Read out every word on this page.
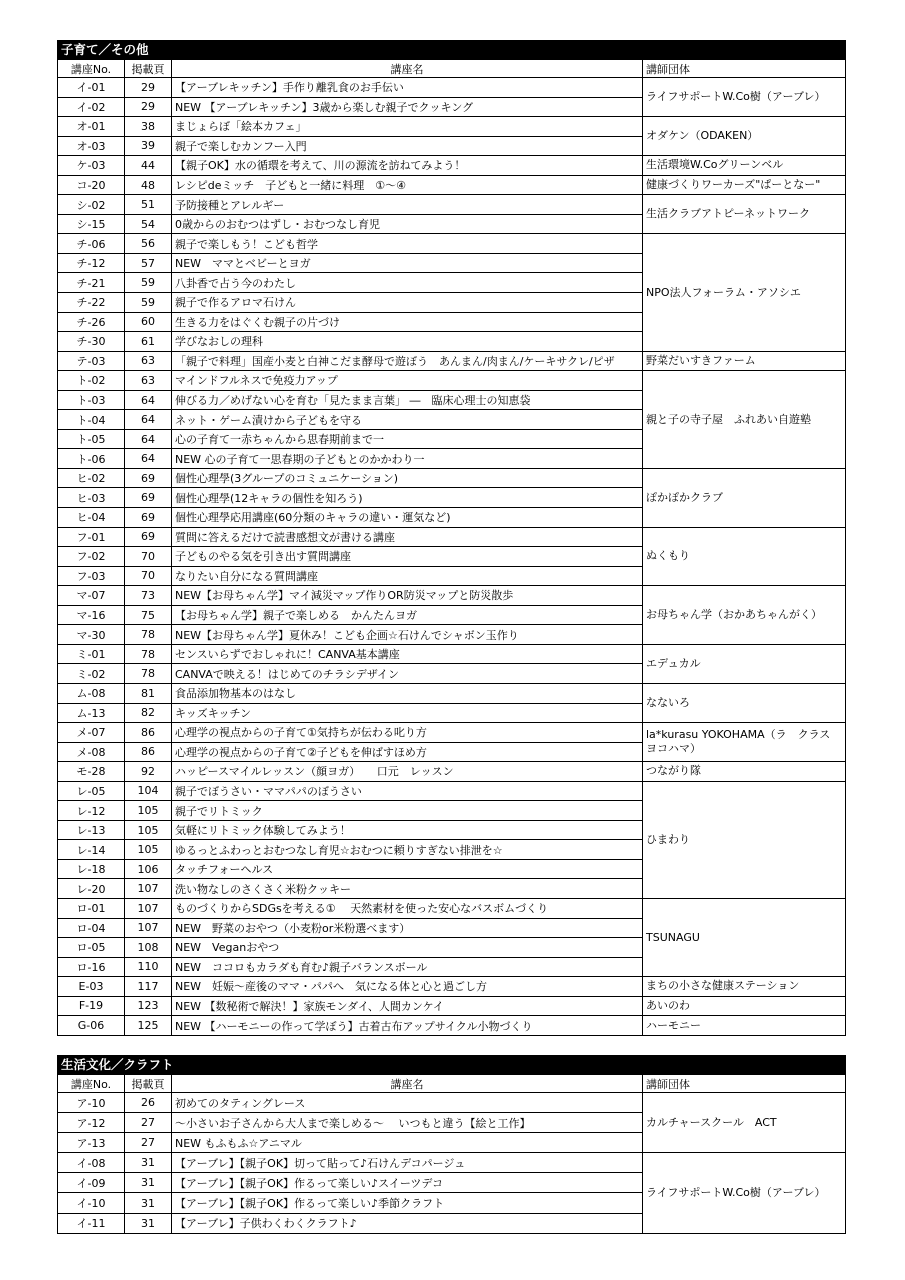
子育て／その他
講座No.	掲載頁	講座名	講師団体
イ-01	29	【アーブレキッチン】手作り離乳食のお手伝い	ライフサポートW.Co樹（アーブレ）
イ-02	29	NEW 【アーブレキッチン】3歳から楽しむ親子でクッキング	
オ-01	38	まじょらぼ「絵本カフェ」	オダケン（ODAKEN）
オ-03	39	親子で楽しむカンフー入門	
ケ-03	44	【親子OK】水の循環を考えて、川の源流を訪ねてみよう！	生活環境W.Coグリーンベル
コ-20	48	レシピdeミッチ　子どもと一緒に料理　①～④	健康づくりワーカーズ"ぱーとなー"
シ-02	51	予防接種とアレルギー	生活クラブアトピーネットワーク
シ-15	54	0歳からのおむつはずし・おむつなし育児	
チ-06	56	親子で楽しもう！こども哲学	NPO法人フォーラム・アソシエ
チ-12	57	NEW　ママとベビーとヨガ	
チ-21	59	八卦香で占う今のわたし	
チ-22	59	親子で作るアロマ石けん	
チ-26	60	生きる力をはぐくむ親子の片づけ	
チ-30	61	学びなおしの理科	
テ-03	63	「親子で料理」国産小麦と白神こだま酵母で遊ぼう　あんまん/肉まん/ケーキサクレ/ピザ	野菜だいすきファーム
ト-02	63	マインドフルネスで免疫力アップ	親と子の寺子屋　ふれあい自遊塾
ト-03	64	伸びる力／めげない心を育む「見たまま言葉」 ―　臨床心理士の知恵袋	
ト-04	64	ネット・ゲーム漬けから子どもを守る	
ト-05	64	心の子育て一赤ちゃんから思春期前まで一	
ト-06	64	NEW 心の子育て一思春期の子どもとのかかわり一	
ヒ-02	69	個性心理學(3グループのコミュニケーション)	ぽかぽかクラブ
ヒ-03	69	個性心理學(12キャラの個性を知ろう)	
ヒ-04	69	個性心理學応用講座(60分類のキャラの違い・運気など)	
フ-01	69	質問に答えるだけで読書感想文が書ける講座	ぬくもり
フ-02	70	子どものやる気を引き出す質問講座	
フ-03	70	なりたい自分になる質問講座	
マ-07	73	NEW【お母ちゃん学】マイ減災マップ作りOR防災マップと防災散歩	お母ちゃん学（おかあちゃんがく）
マ-16	75	【お母ちゃん学】親子で楽しめる　かんたんヨガ	
マ-30	78	NEW【お母ちゃん学】夏休み！こども企画☆石けんでシャボン玉作り	
ミ-01	78	センスいらずでおしゃれに！CANVA基本講座	エデュカル
ミ-02	78	CANVAで映える！はじめてのチラシデザイン	
ム-08	81	食品添加物基本のはなし	なないろ
ム-13	82	キッズキッチン	
メ-07	86	心理学の視点からの子育て①気持ちが伝わる叱り方	la*kurasu YOKOHAMA（ラ　クラス　ヨコハマ）
メ-08	86	心理学の視点からの子育て②子どもを伸ばすほめ方	
モ-28	92	ハッピースマイルレッスン（顔ヨガ）　　口元　レッスン	つながり隊
レ-05	104	親子でぼうさい・ママパパのぼうさい	ひまわり
レ-12	105	親子でリトミック	
レ-13	105	気軽にリトミック体験してみよう！	
レ-14	105	ゆるっとふわっとおむつなし育児☆おむつに頼りすぎない排泄を☆	
レ-18	106	タッチフォーヘルス	
レ-20	107	洗い物なしのさくさく米粉クッキー	
ロ-01	107	ものづくりからSDGsを考える①　 天然素材を使った安心なバスボムづくり	TSUNAGU
ロ-04	107	NEW　野菜のおやつ（小麦粉or米粉選べます）	
ロ-05	108	NEW　Veganおやつ	
ロ-16	110	NEW　ココロもカラダも育む♪親子バランスボール	
E-03	117	NEW　妊娠～産後のママ・パパへ　気になる体と心と過ごし方	まちの小さな健康ステーション
F-19	123	NEW 【数秘術で解決！】家族モンダイ、人間カンケイ	あいのわ
G-06	125	NEW 【ハーモニーの作って学ぼう】古着古布アップサイクル小物づくり	ハーモニー
生活文化／クラフト
講座No.	掲載頁	講座名	講師団体
ア-10	26	初めてのタティングレース	カルチャースクール　ACT
ア-12	27	～小さいお子さんから大人まで楽しめる～　 いつもと違う【絵と工作】	
ア-13	27	NEW もふもふ☆アニマル	
イ-08	31	【アーブレ】【親子OK】切って貼って♪石けんデコパージュ	ライフサポートW.Co樹（アーブレ）
イ-09	31	【アーブレ】【親子OK】作るって楽しい♪スイーツデコ	
イ-10	31	【アーブレ】【親子OK】作るって楽しい♪季節クラフト	
イ-11	31	【アーブレ】子供わくわくクラフト♪	
